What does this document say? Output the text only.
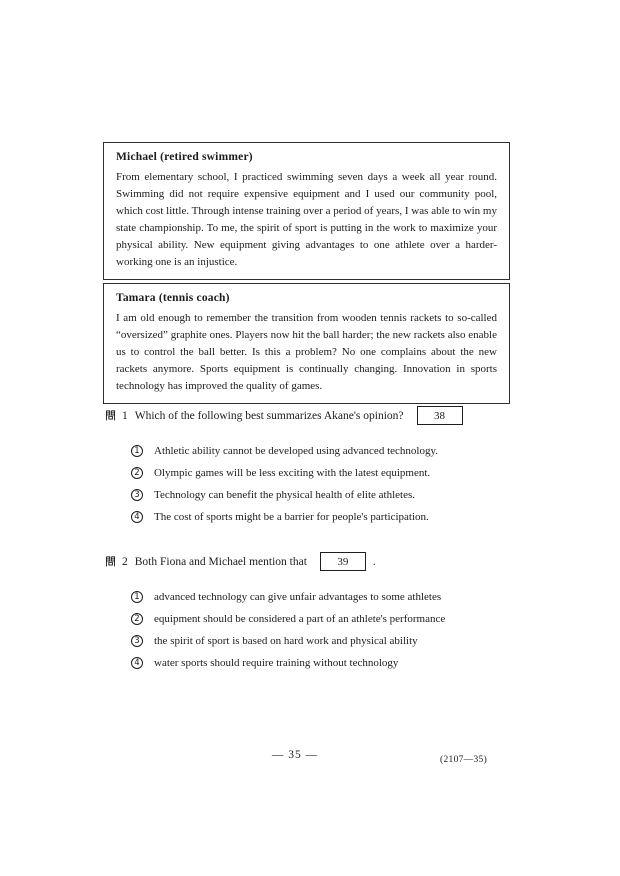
Michael (retired swimmer)

From elementary school, I practiced swimming seven days a week all year round. Swimming did not require expensive equipment and I used our community pool, which cost little. Through intense training over a period of years, I was able to win my state championship. To me, the spirit of sport is putting in the work to maximize your physical ability. New equipment giving advantages to one athlete over a harder-working one is an injustice.

Tamara (tennis coach)

I am old enough to remember the transition from wooden tennis rackets to so-called “oversized” graphite ones. Players now hit the ball harder; the new rackets also enable us to control the ball better. Is this a problem? No one complains about the new rackets anymore. Sports equipment is continually changing. Innovation in sports technology has improved the quality of games.

1 Which of the following best summarizes Akane's opinion?	38
1 Athletic ability cannot be developed using advanced technology.
2 Olympic games will be less exciting with the latest equipment.
3 Technology can benefit the physical health of elite athletes.
4 The cost of sports might be a barrier for people's participation.
2 Both Fiona and Michael mention that	39	.
1 advanced technology can give unfair advantages to some athletes
2 equipment should be considered a part of an athlete's performance
3 the spirit of sport is based on hard work and physical ability
4 water sports should require training without technology
— 35 —	(2107—35)
